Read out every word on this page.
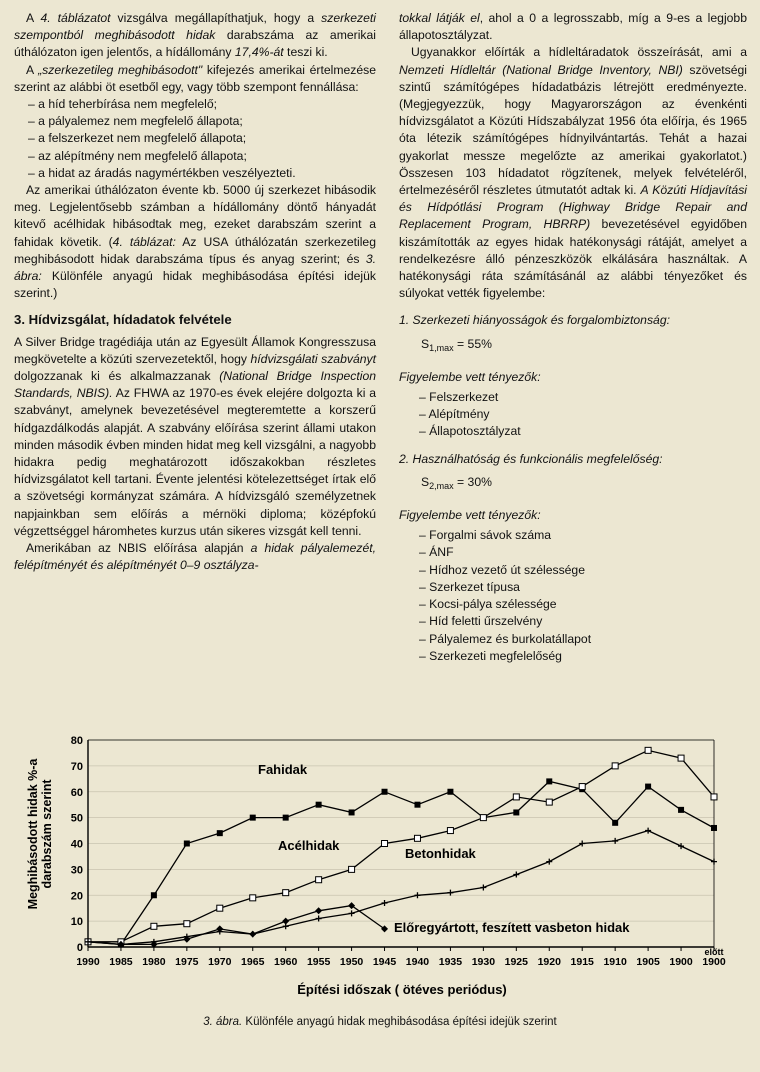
A 4. táblázatot vizsgálva megállapíthatjuk, hogy a szerkezeti szempontból meghibásodott hidak darabszáma az amerikai úthálózaton igen jelentős, a hídállomány 17,4%-át teszi ki.

A „szerkezetileg meghibásodott" kifejezés amerikai értelmezése szerint az alábbi öt esetből egy, vagy több szempont fennállása:

– a híd teherbírása nem megfelelő;
– a pályalemez nem megfelelő állapota;
– a felszerkezet nem megfelelő állapota;
– az alépítmény nem megfelelő állapota;
– a hidat az áradás nagymértékben veszélyezteti.

Az amerikai úthálózaton évente kb. 5000 új szerkezet hibásodik meg. Legjelentősebb számban a hídállomány döntő hányadát kitevő acélhidak hibásodtak meg, ezeket darabszám szerint a fahidak követik. (4. táblázat: Az USA úthálózatán szerkezetileg meghibásodott hidak darabszáma típus és anyag szerint; és 3. ábra: Különféle anyagú hidak meghibásodása építési idejük szerint.)

3. Hídvizsgálat, hídadatok felvétele

A Silver Bridge tragédiája után az Egyesült Államok Kongresszusa megkövetelte a közúti szervezetektől, hogy hídvizsgálati szabványt dolgozzanak ki és alkalmazzanak (National Bridge Inspection Standards, NBIS). Az FHWA az 1970-es évek elejére dolgozta ki a szabványt, amelynek bevezetésével megteremtette a korszerű hídgazdálkodás alapját. A szabvány előírása szerint állami utakon minden második évben minden hidat meg kell vizsgálni, a nagyobb hidakra pedig meghatározott időszakokban részletes hídvizsgálatot kell tartani. Évente jelentési kötelezettséget írtak elő a szövetségi kormányzat számára. A hídvizsgáló személyzetnek napjainkban sem előírás a mérnöki diploma; középfokú végzettséggel háromhetes kurzus után sikeres vizsgát kell tenni.

Amerikában az NBIS előírása alapján a hidak pályalemezét, felépítményét és alépítményét 0–9 osztályza-

tokkal látják el, ahol a 0 a legrosszabb, míg a 9-es a legjobb állapotosztályzat.

Ugyanakkor előírták a hídleltáradatok összeírását, ami a Nemzeti Hídleltár (National Bridge Inventory, NBI) szövetségi szintű számítógépes hídadatbázis létrejött eredményezte. (Megjegyezzük, hogy Magyarországon az évenkénti hídvizsgálatot a Közúti Hídszabályzat 1956 óta előírja, és 1965 óta létezik számítógépes hídnyilvántartás. Tehát a hazai gyakorlat messze megelőzte az amerikai gyakorlatot.) Összesen 103 hídadatot rögzítenek, melyek felvételéről, értelmezéséről részletes útmutatót adtak ki. A Közúti Hídjavítási és Hídpótlási Program (Highway Bridge Repair and Replacement Program, HBRRP) bevezetésével egyidőben kiszámították az egyes hidak hatékonysági rátáját, amelyet a rendelkezésre álló pénzeszközök elkálására használtak. A hatékonysági ráta számításánál az alábbi tényezőket és súlyokat vették figyelembe:

1. Szerkezeti hiányosságok és forgalombiztonság:
$S_{1,max} = 55\%$
Figyelembe vett tényezők:
– Felszerkezet
– Alépítmény
– Állapotosztályzat
2. Használhatóság és funkcionális megfelelőség:
$S_{2,max} = 30\%$
Figyelembe vett tényezők:
– Forgalmi sávok száma
– ÁNF
– Hídhoz vezető út szélessége
– Szerkezet típusa
– Kocsi-pálya szélessége
– Híd feletti űrszelvény
– Pályalemez és burkolatállapot
– Szerkezeti megfelelőség
0
10
20
30
40
50
60
70
80
1990 1985 1980 1975 1970 1965 1960 1955 1950 1945 1940 1935 1930 1925 1920 1915 1910 1905 1900 1900
előtt
Fahidak
Acélhidak
Betonhidak
Előregyártott, feszített vasbeton hidak
Meghibásodott hidak %-a darabszám szerint
Építési időszak ( ötéves periódus)
3. ábra. Különféle anyagú hidak meghibásodása építési idejük szerint
